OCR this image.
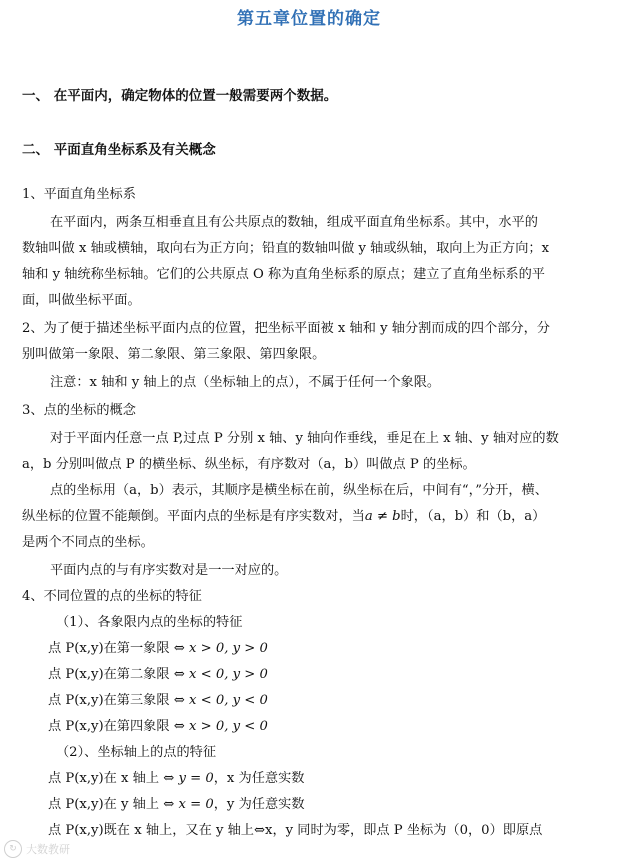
第五章位置的确定
一、 在平面内，确定物体的位置一般需要两个数据。
二、 平面直角坐标系及有关概念
1、平面直角坐标系
在平面内，两条互相垂直且有公共原点的数轴，组成平面直角坐标系。其中，水平的
数轴叫做 x 轴或横轴，取向右为正方向；铅直的数轴叫做 y 轴或纵轴，取向上为正方向；x
轴和 y 轴统称坐标轴。它们的公共原点 O 称为直角坐标系的原点；建立了直角坐标系的平
面，叫做坐标平面。
2、为了便于描述坐标平面内点的位置，把坐标平面被 x 轴和 y 轴分割而成的四个部分，分
别叫做第一象限、第二象限、第三象限、第四象限。
注意：x 轴和 y 轴上的点（坐标轴上的点），不属于任何一个象限。
3、点的坐标的概念
对于平面内任意一点 P,过点 P 分别 x 轴、y 轴向作垂线，垂足在上 x 轴、y 轴对应的数
a，b 分别叫做点 P 的横坐标、纵坐标，有序数对（a，b）叫做点 P 的坐标。
点的坐标用（a，b）表示，其顺序是横坐标在前，纵坐标在后，中间有“，”分开，横、
纵坐标的位置不能颠倒。平面内点的坐标是有序实数对，当a ≠ b时，（a，b）和（b，a）
是两个不同点的坐标。
平面内点的与有序实数对是一一对应的。
4、不同位置的点的坐标的特征
（1）、各象限内点的坐标的特征
点 P(x,y)在第一象限 ⇔ x > 0, y > 0
点 P(x,y)在第二象限 ⇔ x < 0, y > 0
点 P(x,y)在第三象限 ⇔ x < 0, y < 0
点 P(x,y)在第四象限 ⇔ x > 0, y < 0
（2）、坐标轴上的点的特征
点 P(x,y)在 x 轴上 ⇔ y = 0，x 为任意实数
点 P(x,y)在 y 轴上 ⇔ x = 0，y 为任意实数
点 P(x,y)既在 x 轴上，又在 y 轴上⇔x，y 同时为零，即点 P 坐标为（0，0）即原点
↻ 大数教研
